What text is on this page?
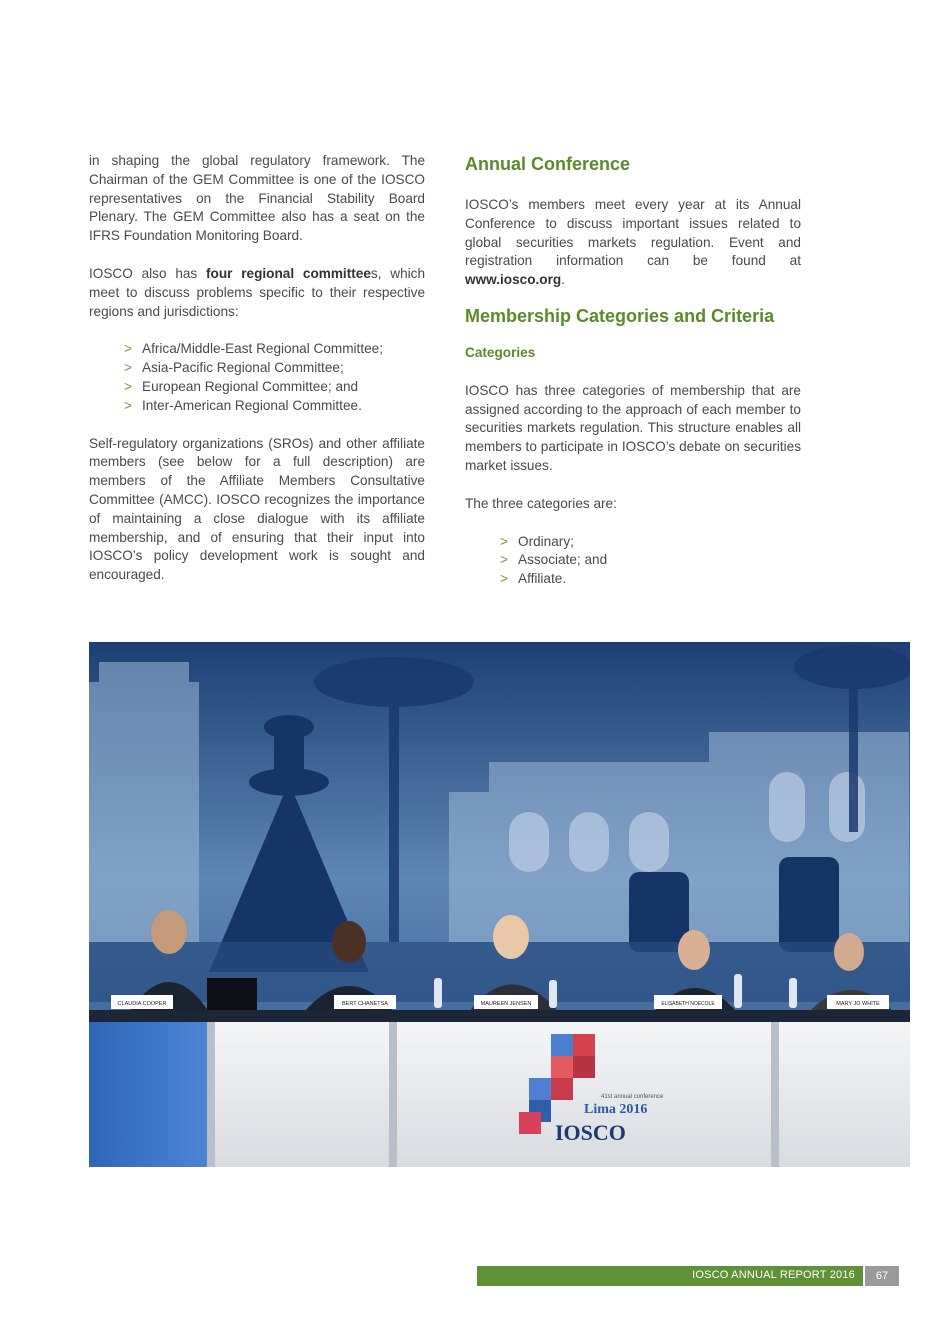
in shaping the global regulatory framework. The Chairman of the GEM Committee is one of the IOSCO representatives on the Financial Stability Board Plenary. The GEM Committee also has a seat on the IFRS Foundation Monitoring Board.

IOSCO also has four regional committees, which meet to discuss problems specific to their respective regions and jurisdictions:

> Africa/Middle-East Regional Committee;
> Asia-Pacific Regional Committee;
> European Regional Committee; and
> Inter-American Regional Committee.

Self-regulatory organizations (SROs) and other affiliate members (see below for a full description) are members of the Affiliate Members Consultative Committee (AMCC). IOSCO recognizes the importance of maintaining a close dialogue with its affiliate membership, and of ensuring that their input into IOSCO’s policy development work is sought and encouraged.

Annual Conference

IOSCO’s members meet every year at its Annual Conference to discuss important issues related to global securities markets regulation. Event and registration information can be found at www.iosco.org.

Membership Categories and Criteria
Categories

IOSCO has three categories of membership that are assigned according to the approach of each member to securities markets regulation. This structure enables all members to participate in IOSCO’s debate on securities market issues.

The three categories are:

> Ordinary;
> Associate; and
> Affiliate.
CLAUDIA COOPER	BERT CHANETSA	MAUREEN JENSEN	ELISABETH NOECOLE	MARY JO WHITE
41st annual conference
Lima 2016
IOSCO
IOSCO ANNUAL REPORT 2016	67
